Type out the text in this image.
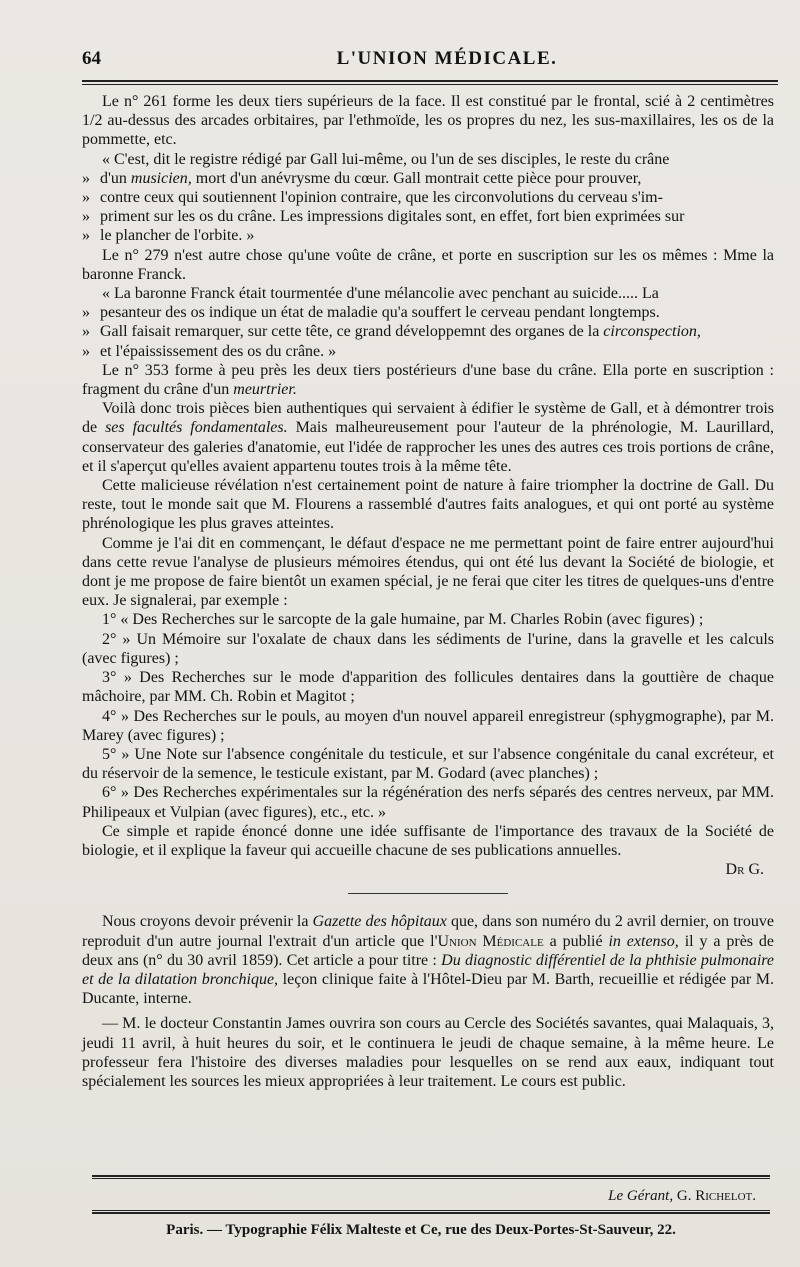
64	L'UNION MÉDICALE.

Le n° 261 forme les deux tiers supérieurs de la face. Il est constitué par le frontal, scié à 2 centimètres 1/2 au-dessus des arcades orbitaires, par l'ethmoïde, les os propres du nez, les sus-maxillaires, les os de la pommette, etc.

« C'est, dit le registre rédigé par Gall lui-même, ou l'un de ses disciples, le reste du crâne

» d'un musicien, mort d'un anévrysme du cœur. Gall montrait cette pièce pour prouver,

» contre ceux qui soutiennent l'opinion contraire, que les circonvolutions du cerveau s'im-

» priment sur les os du crâne. Les impressions digitales sont, en effet, fort bien exprimées sur

» le plancher de l'orbite. »

Le n° 279 n'est autre chose qu'une voûte de crâne, et porte en suscription sur les os mêmes : Mme la baronne Franck.

« La baronne Franck était tourmentée d'une mélancolie avec penchant au suicide..... La

» pesanteur des os indique un état de maladie qu'a souffert le cerveau pendant longtemps.

» Gall faisait remarquer, sur cette tête, ce grand développemnt des organes de la circonspection,

» et l'épaississement des os du crâne. »

Le n° 353 forme à peu près les deux tiers postérieurs d'une base du crâne. Ella porte en suscription : fragment du crâne d'un meurtrier.

Voilà donc trois pièces bien authentiques qui servaient à édifier le système de Gall, et à démontrer trois de ses facultés fondamentales. Mais malheureusement pour l'auteur de la phrénologie, M. Laurillard, conservateur des galeries d'anatomie, eut l'idée de rapprocher les unes des autres ces trois portions de crâne, et il s'aperçut qu'elles avaient appartenu toutes trois à la même tête.

Cette malicieuse révélation n'est certainement point de nature à faire triompher la doctrine de Gall. Du reste, tout le monde sait que M. Flourens a rassemblé d'autres faits analogues, et qui ont porté au système phrénologique les plus graves atteintes.

Comme je l'ai dit en commençant, le défaut d'espace ne me permettant point de faire entrer aujourd'hui dans cette revue l'analyse de plusieurs mémoires étendus, qui ont été lus devant la Société de biologie, et dont je me propose de faire bientôt un examen spécial, je ne ferai que citer les titres de quelques-uns d'entre eux. Je signalerai, par exemple :

1° « Des Recherches sur le sarcopte de la gale humaine, par M. Charles Robin (avec figures) ;

2° » Un Mémoire sur l'oxalate de chaux dans les sédiments de l'urine, dans la gravelle et les calculs (avec figures) ;

3° » Des Recherches sur le mode d'apparition des follicules dentaires dans la gouttière de chaque mâchoire, par MM. Ch. Robin et Magitot ;

4° » Des Recherches sur le pouls, au moyen d'un nouvel appareil enregistreur (sphygmographe), par M. Marey (avec figures) ;

5° » Une Note sur l'absence congénitale du testicule, et sur l'absence congénitale du canal excréteur, et du réservoir de la semence, le testicule existant, par M. Godard (avec planches) ;

6° » Des Recherches expérimentales sur la régénération des nerfs séparés des centres nerveux, par MM. Philipeaux et Vulpian (avec figures), etc., etc. »

Ce simple et rapide énoncé donne une idée suffisante de l'importance des travaux de la Société de biologie, et il explique la faveur qui accueille chacune de ses publications annuelles.

Dr G.

Nous croyons devoir prévenir la Gazette des hôpitaux que, dans son numéro du 2 avril dernier, on trouve reproduit d'un autre journal l'extrait d'un article que l'Union Médicale a publié in extenso, il y a près de deux ans (n° du 30 avril 1859). Cet article a pour titre : Du diagnostic différentiel de la phthisie pulmonaire et de la dilatation bronchique, leçon clinique faite à l'Hôtel-Dieu par M. Barth, recueillie et rédigée par M. Ducante, interne.

— M. le docteur Constantin James ouvrira son cours au Cercle des Sociétés savantes, quai Malaquais, 3, jeudi 11 avril, à huit heures du soir, et le continuera le jeudi de chaque semaine, à la même heure. Le professeur fera l'histoire des diverses maladies pour lesquelles on se rend aux eaux, indiquant tout spécialement les sources les mieux appropriées à leur traitement. Le cours est public.

Le Gérant, G. Richelot.
Paris. — Typographie Félix Malteste et Ce, rue des Deux-Portes-St-Sauveur, 22.
